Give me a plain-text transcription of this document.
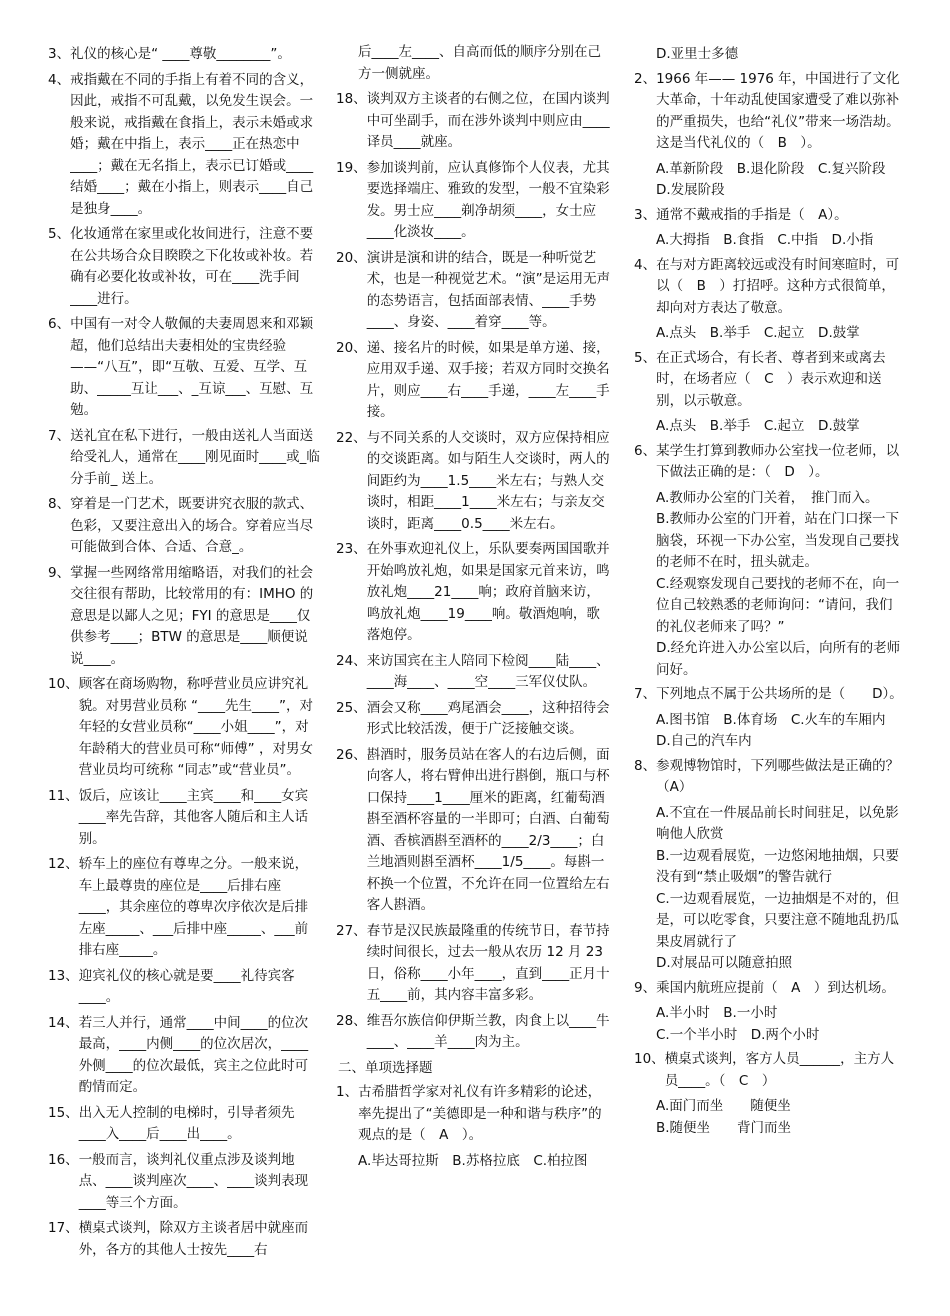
3、 礼仪的核心是“ ____尊敬________”。
4、 戒指戴在不同的手指上有着不同的含义，因此，戒指不可乱戴，以免发生误会。一般来说，戒指戴在食指上，表示未婚或求婚；戴在中指上，表示____正在热恋中____；戴在无名指上，表示已订婚或____结婚____；戴在小指上，则表示____自己是独身____。
5、 化妆通常在家里或化妆间进行，注意不要在公共场合众目睽睽之下化妆或补妆。若确有必要化妆或补妆，可在____洗手间____进行。
6、 中国有一对令人敬佩的夫妻周恩来和邓颖超，他们总结出夫妻相处的宝贵经验——“八互”，即“互敬、互爱、互学、互助、_____互让___、_互谅___、互慰、互勉。
7、 送礼宜在私下进行，一般由送礼人当面送给受礼人，通常在____刚见面时____或_临分手前_ 送上。
8、 穿着是一门艺术，既要讲究衣服的款式、色彩，又要注意出入的场合。穿着应当尽可能做到合体、合适、合意_。
9、 掌握一些网络常用缩略语，对我们的社会交往很有帮助，比较常用的有：IMHO 的意思是以鄙人之见；FYI 的意思是____仅供参考____；BTW 的意思是____顺便说说____。
10、 顾客在商场购物，称呼营业员应讲究礼貌。对男营业员称 “____先生____”，对年轻的女营业员称“____小姐____”，对年龄稍大的营业员可称“师傅” ，对男女营业员均可统称 “同志”或“营业员”。
11、 饭后，应该让____主宾____和____女宾____率先告辞，其他客人随后和主人话别。
12、 轿车上的座位有尊卑之分。一般来说，车上最尊贵的座位是____后排右座____，其余座位的尊卑次序依次是后排左座_____、___后排中座_____、___前排右座_____。
13、 迎宾礼仪的核心就是要____礼待宾客____。
14、 若三人并行，通常____中间____的位次最高，____内侧____的位次居次，____外侧____的位次最低，宾主之位此时可酌情而定。
15、 出入无人控制的电梯时，引导者须先____入____后____出____。
16、 一般而言，谈判礼仪重点涉及谈判地点、____谈判座次____、____谈判表现____等三个方面。
17、 横桌式谈判，除双方主谈者居中就座而外，各方的其他人士按先____右
后____左____、自高而低的顺序分别在己方一侧就座。
18、 谈判双方主谈者的右侧之位，在国内谈判中可坐副手，而在涉外谈判中则应由____译员____就座。
19、 参加谈判前，应认真修饰个人仪表，尤其要选择端庄、雅致的发型，一般不宜染彩发。男士应____剃净胡须____，女士应____化淡妆____。
20、 演讲是演和讲的结合，既是一种听觉艺术，也是一种视觉艺术。“演”是运用无声的态势语言，包括面部表情、____手势____、身姿、____着穿____等。
20、 递、接名片的时候，如果是单方递、接，应用双手递、双手接；若双方同时交换名片，则应____右____手递，____左____手接。
22、 与不同关系的人交谈时，双方应保持相应的交谈距离。如与陌生人交谈时，两人的间距约为____1.5____米左右；与熟人交谈时，相距____1____米左右；与亲友交谈时，距离____0.5____米左右。
23、 在外事欢迎礼仪上，乐队要奏两国国歌并开始鸣放礼炮，如果是国家元首来访，鸣放礼炮____21____响；政府首脑来访，鸣放礼炮____19____响。敬酒炮响，歌落炮停。
24、 来访国宾在主人陪同下检阅____陆____、____海____、____空____三军仪仗队。
25、 酒会又称____鸡尾酒会____，这种招待会形式比较活泼，便于广泛接触交谈。
26、 斟酒时，服务员站在客人的右边后侧，面向客人，将右臂伸出进行斟倒，瓶口与杯口保持____1____厘米的距离，红葡萄酒斟至酒杯容量的一半即可；白酒、白葡萄酒、香槟酒斟至酒杯的____2/3____；白兰地酒则斟至酒杯____1/5____。每斟一杯换一个位置，不允许在同一位置给左右客人斟酒。
27、 春节是汉民族最隆重的传统节日，春节持续时间很长，过去一般从农历 12 月 23 日，俗称____小年____，直到____正月十五____前，其内容丰富多彩。
28、 维吾尔族信仰伊斯兰教，肉食上以____牛____、____羊____肉为主。
二、单项选择题
1、 古希腊哲学家对礼仪有许多精彩的论述，率先提出了“美德即是一种和谐与秩序”的观点的是（　A　）。
A.毕达哥拉斯　B.苏格拉底　C.柏拉图
D.亚里士多德
2、 1966 年—— 1976 年，中国进行了文化大革命，十年动乱使国家遭受了难以弥补的严重损失，也给“礼仪”带来一场浩劫。这是当代礼仪的（　B　）。
A.革新阶段　B.退化阶段　C.复兴阶段　D.发展阶段
3、 通常不戴戒指的手指是（　A）。
A.大拇指　B.食指　C.中指　D.小指
4、 在与对方距离较远或没有时间寒暄时，可以（　B　）打招呼。这种方式很简单，却向对方表达了敬意。
A.点头　B.举手　C.起立　D.鼓掌
5、 在正式场合，有长者、尊者到来或离去时，在场者应（　C　）表示欢迎和送别，以示敬意。
A.点头　B.举手　C.起立　D.鼓掌
6、 某学生打算到教师办公室找一位老师，以下做法正确的是：（　D　）。
A.教师办公室的门关着，　推门而入。
B.教师办公室的门开着，站在门口探一下脑袋，环视一下办公室，当发现自己要找的老师不在时，扭头就走。
C.经观察发现自己要找的老师不在，向一位自己较熟悉的老师询问：“请问，我们的礼仪老师来了吗？”
D.经允许进入办公室以后，向所有的老师问好。
7、 下列地点不属于公共场所的是（　　D）。
A.图书馆　B.体育场　C.火车的车厢内　D.自己的汽车内
8、 参观博物馆时，下列哪些做法是正确的？（A）
A.不宜在一件展品前长时间驻足，以免影响他人欣赏
B.一边观看展览，一边悠闲地抽烟，只要没有到“禁止吸烟”的警告就行
C.一边观看展览，一边抽烟是不对的，但是，可以吃零食，只要注意不随地乱扔瓜果皮屑就行了
D.对展品可以随意拍照
9、 乘国内航班应提前（　A　）到达机场。
A.半小时　B.一小时
C.一个半小时　D.两个小时
10、 横桌式谈判，客方人员______，主方人员____。（　C　）
A.面门而坐　　随便坐
B.随便坐　　背门而坐
